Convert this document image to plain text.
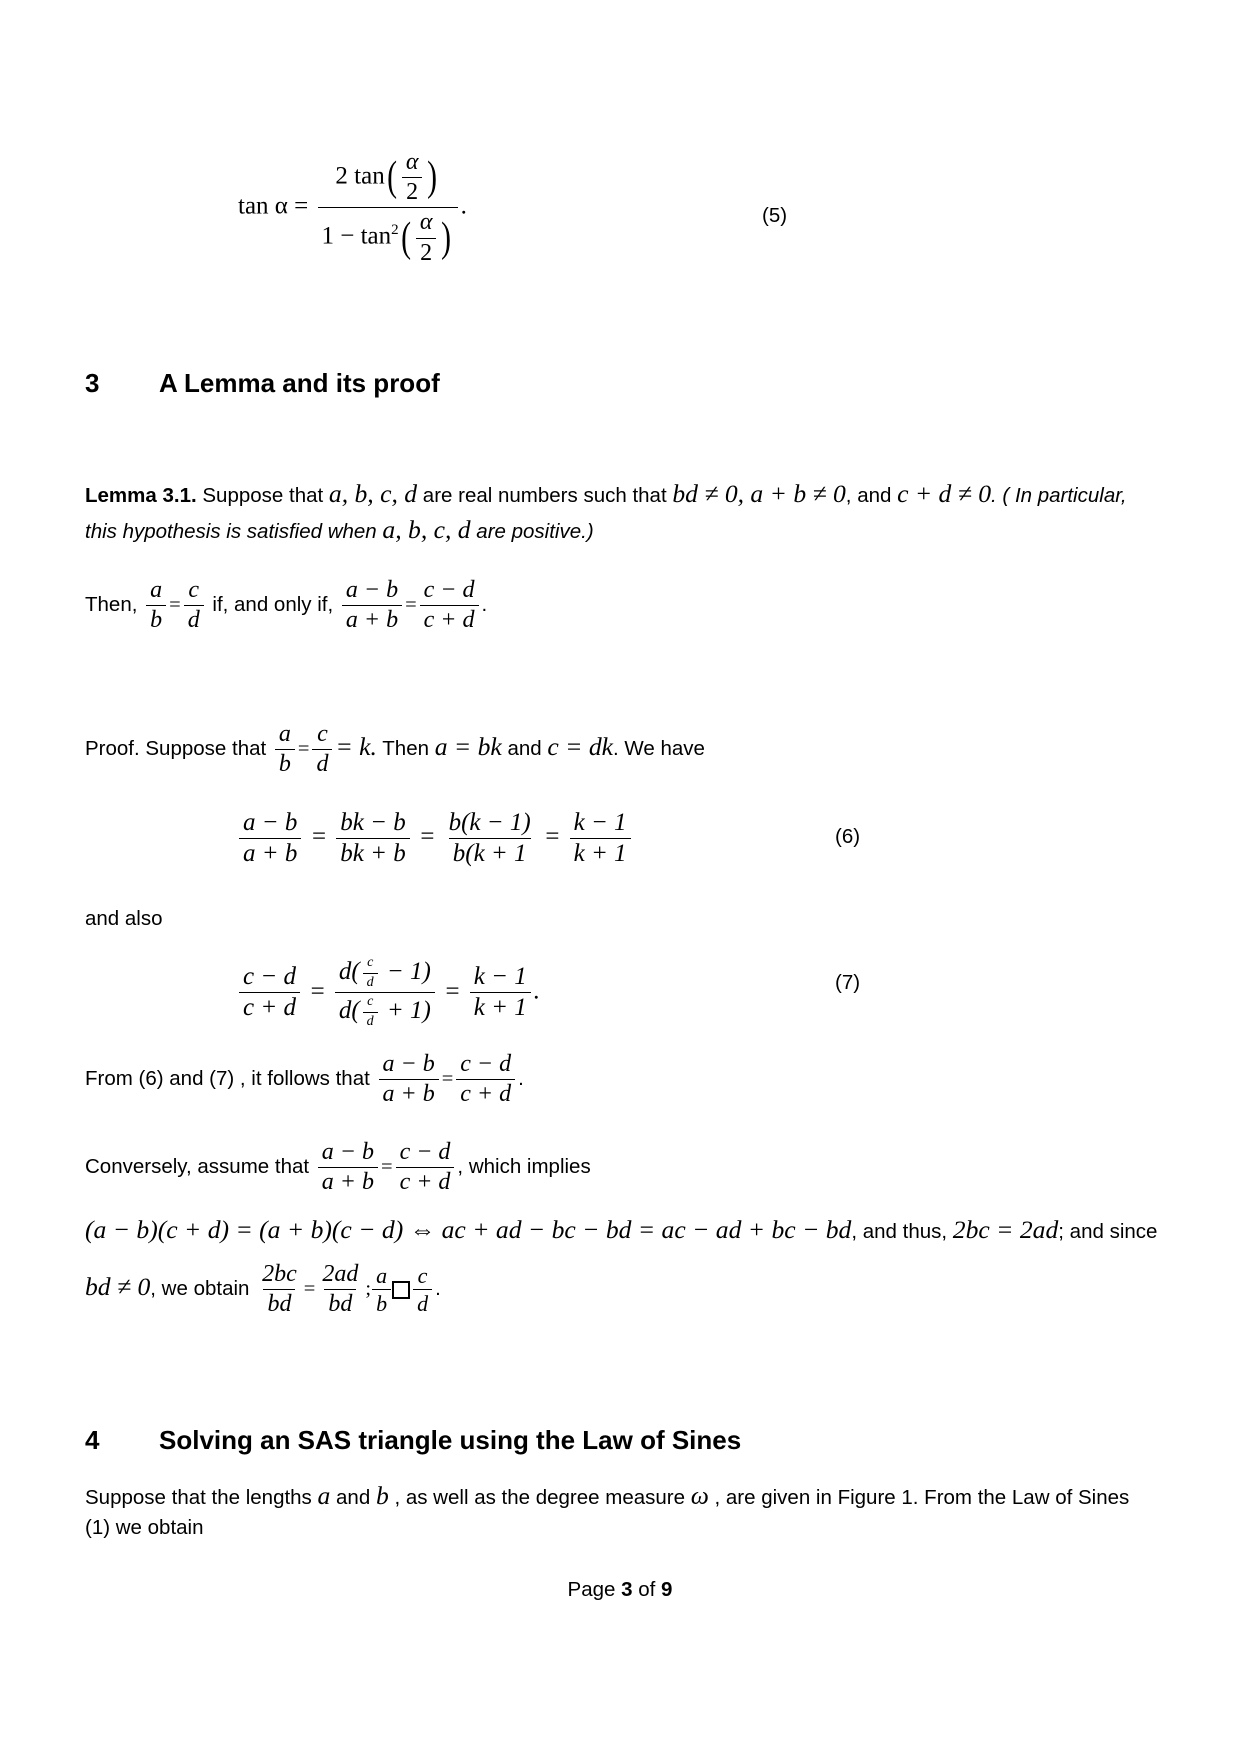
$\tan \alpha = \frac{2 \tan( \frac{\alpha}{2} )}{1 - \tan^2( \frac{\alpha}{2} )}$ .	(5)
3 A Lemma and its proof
Lemma 3.1. Suppose that a, b, c, d are real numbers such that bd ≠ 0, a + b ≠ 0, and c + d ≠ 0. ( In particular,
this hypothesis is satisfied when a, b, c, d are positive.)
Then, $\frac{a}{b} = \frac{c}{d}$ if, and only if, $\frac{a - b}{a + b} = \frac{c - d}{c + d}$ .
Proof. Suppose that $\frac{a}{b} = \frac{c}{d} = k$. Then a = bk and c = dk. We have
$\frac{a - b}{a + b} = \frac{bk - b}{bk + b} = \frac{b(k - 1)}{b(k + 1} = \frac{k - 1}{k + 1}$	(6)
and also
$\frac{c - d}{c + d} = \frac{d( \frac{c}{d} - 1)}{d( \frac{c}{d} + 1)} = \frac{k - 1}{k + 1}$ .	(7)
From (6) and (7) , it follows that $\frac{a - b}{a + b} = \frac{c - d}{c + d}$ .
Conversely, assume that $\frac{a - b}{a + b} = \frac{c - d}{c + d}$ , which implies
(a − b)(c + d) = (a + b)(c − d) ⇔ ac + ad − bc − bd = ac − ad + bc − bd, and thus, 2bc = 2ad; and since
bd ≠ 0, we obtain $\frac{2bc}{bd} = \frac{2ad}{bd}$ ; $\frac{a}{b} \frac{c}{d}$ .
4 Solving an SAS triangle using the Law of Sines
Suppose that the lengths a and b , as well as the degree measure ω , are given in Figure 1. From the Law of Sines
(1) we obtain
Page 3 of 9
